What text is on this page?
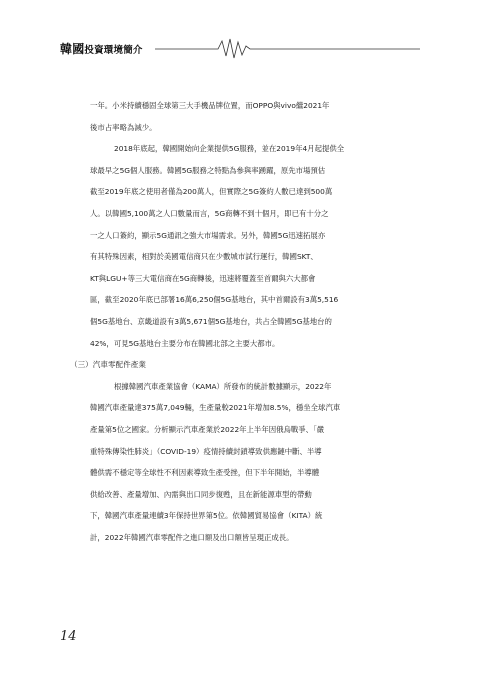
韓國投資環境簡介

一年。小米持續穩固全球第三大手機品牌位置，而OPPO與vivo繼2021年
後市占率略為減少。

2018年底起，韓國開始向企業提供5G服務，並在2019年4月起提供全
球最早之5G個人服務。韓國5G服務之特點為參與率踴躍，原先市場預估
截至2019年底之使用者僅為200萬人，但實際之5G簽約人數已達到500萬
人。以韓國5,100萬之人口數量而言，5G商轉不到十個月，即已有十分之
一之人口簽約，顯示5G通訊之強大市場需求。另外，韓國5G迅速拓展亦
有其特殊因素，相對於美國電信商只在少數城市試行運行，韓國SKT、
KT與LGU+等三大電信商在5G商轉後，迅速將覆蓋至首爾與六大都會
區，截至2020年底已部署16萬6,250個5G基地台，其中首爾設有3萬5,516
個5G基地台、京畿道設有3萬5,671個5G基地台，共占全韓國5G基地台的
42%，可見5G基地台主要分布在韓國北部之主要大都市。

（三）汽車零配件產業

根據韓國汽車產業協會（KAMA）所發布的統計數據顯示，2022年
韓國汽車產量達375萬7,049輛，生產量較2021年增加8.5%，穩坐全球汽車
產量第5位之國家。分析顯示汽車產業於2022年上半年因俄烏戰爭、「嚴
重特殊傳染性肺炎」（COVID-19）疫情持續封鎖導致供應鏈中斷、半導
體供需不穩定等全球性不利因素導致生產受挫，但下半年開始，半導體
供給改善、產量增加、內需與出口同步復甦，且在新能源車型的帶動
下，韓國汽車產量連續3年保持世界第5位。依韓國貿易協會（KITA）統
計，2022年韓國汽車零配件之進口額及出口額皆呈現正成長。

14
